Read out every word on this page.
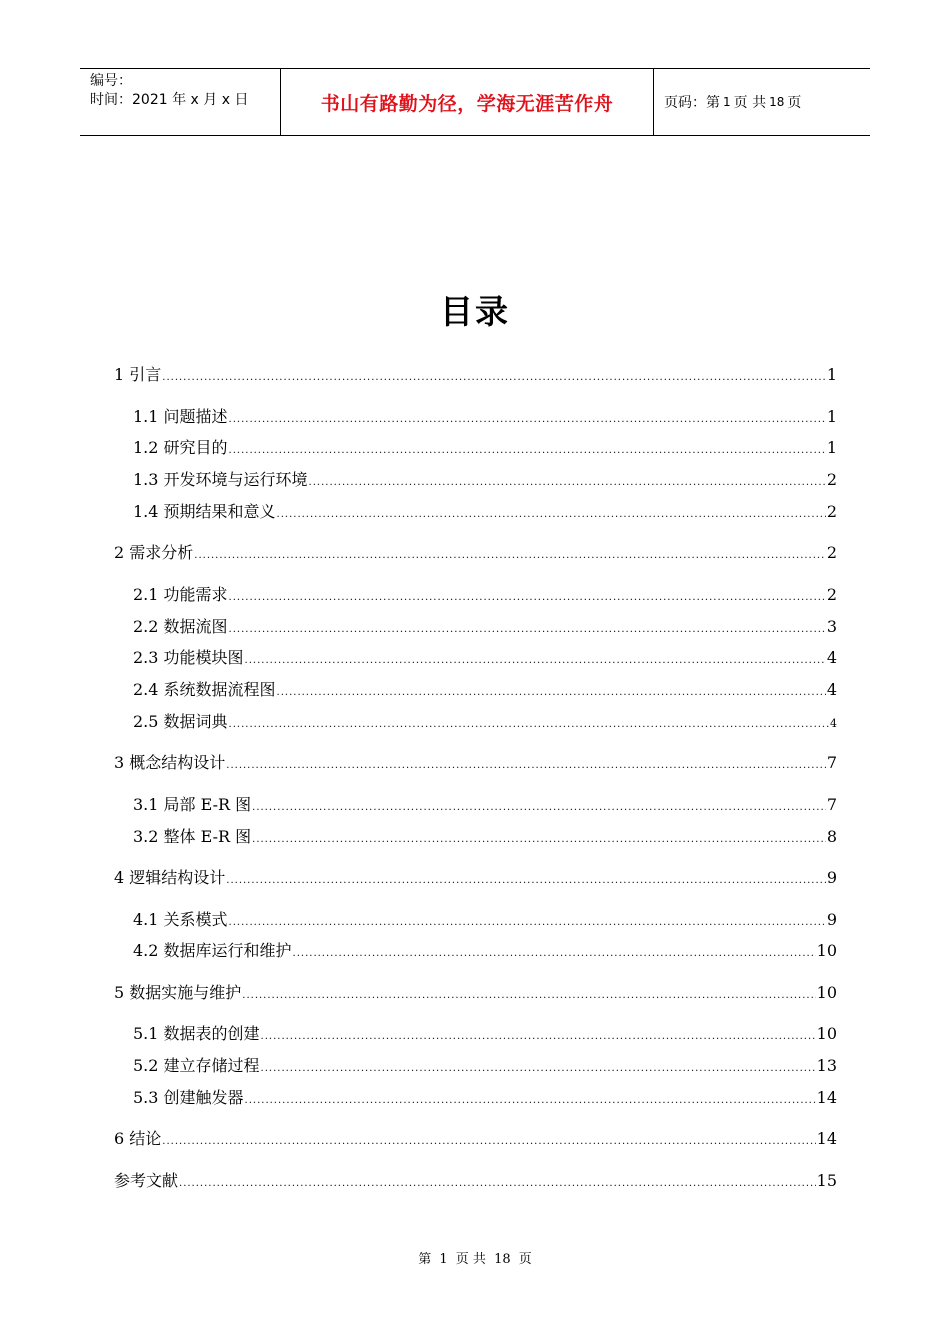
编号：
时间：2021 年 x 月 x 日	书山有路勤为径，学海无涯苦作舟	页码：第 1 页 共 18 页
目录
1 引言 .....	1
1.1 问题描述 .....	1
1.2 研究目的 .....	1
1.3 开发环境与运行环境 .....	2
1.4 预期结果和意义 .....	2
2 需求分析 .....	2
2.1 功能需求 .....	2
2.2 数据流图 .....	3
2.3 功能模块图 .....	4
2.4 系统数据流程图 .....	4
2.5 数据词典 .....	4
3 概念结构设计 .....	7
3.1 局部 E-R 图 .....	7
3.2 整体 E-R 图 .....	8
4 逻辑结构设计 .....	9
4.1 关系模式 .....	9
4.2 数据库运行和维护 .....	10
5 数据实施与维护 .....	10
5.1 数据表的创建 .....	10
5.2 建立存储过程 .....	13
5.3 创建触发器 .....	14
6 结论 .....	14
参考文献 .....	15
第 1 页 共 18 页
